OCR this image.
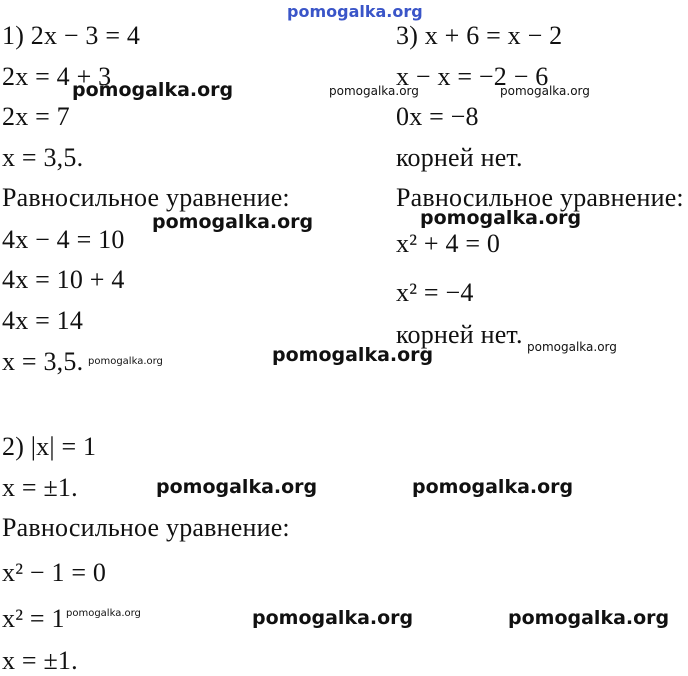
pomogalka.org
1) 2x − 3 = 4
2x = 4 + 3
2x = 7
x = 3,5.
Равносильное уравнение:
4x − 4 = 10
4x = 10 + 4
4x = 14
x = 3,5.
3) x + 6 = x − 2
x − x = −2 − 6
0x = −8
корней нет.
Равносильное уравнение:
x² + 4 = 0
x² = −4
корней нет.
2) |x| = 1
x = ±1.
Равносильное уравнение:
x² − 1 = 0
x² = 1
x = ±1.
pomogalka.org	pomogalka.org	pomogalka.org
pomogalka.org	pomogalka.org
pomogalka.org
pomogalka.org	pomogalka.org
pomogalka.org	pomogalka.org
pomogalka.org	pomogalka.org	pomogalka.org
